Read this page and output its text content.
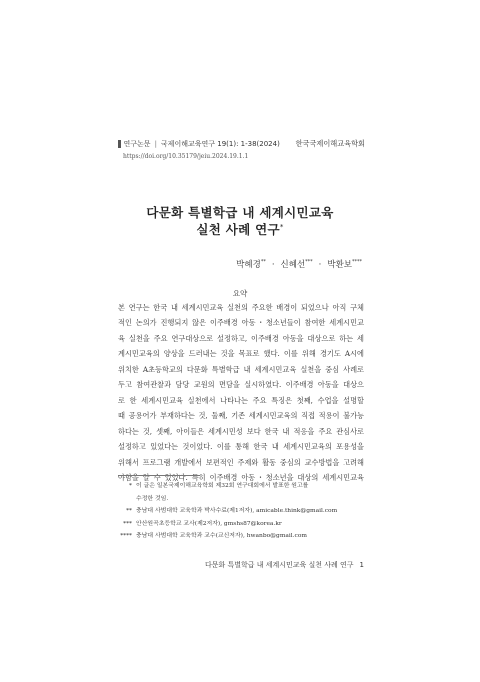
연구논문 | 국제이해교육연구 19(1): 1-38(2024) 한국국제이해교육학회
https://doi.org/10.35179/jeiu.2024.19.1.1
다문화 특별학급 내 세계시민교육
실천 사례 연구*
박혜경** · 신혜선*** · 박환보****
요약
본 연구는 한국 내 세계시민교육 실천의 주요한 배경이 되었으나 아직 구체
적인 논의가 진행되지 않은 이주배경 아동・청소년들이 참여한 세계시민교
육 실천을 주요 연구대상으로 설정하고, 이주배경 아동을 대상으로 하는 세
계시민교육의 양상을 드러내는 것을 목표로 했다. 이를 위해 경기도 A시에
위치한 A초등학교의 다문화 특별학급 내 세계시민교육 실천을 중심 사례로
두고 참여관찰과 담당 교원의 면담을 실시하였다. 이주배경 아동을 대상으
로 한 세계시민교육 실천에서 나타나는 주요 특징은 첫째, 수업을 설명할
때 공용어가 부재하다는 것, 둘째, 기존 세계시민교육의 직접 적용이 불가능
하다는 것, 셋째, 아이들은 세계시민성 보다 한국 내 적응을 주요 관심사로
설정하고 있었다는 것이었다. 이를 통해 한국 내 세계시민교육의 포용성을
위해서 프로그램 개발에서 보편적인 주제와 활동 중심의 교수방법을 고려해
야함을 알 수 있었다. 특히 이주배경 아동・청소년을 대상의 세계시민교육
* 이 글은 일본국제이해교육학회 제32회 연구대회에서 발표한 원고를
수정한 것임.
** 충남대 사범대학 교육학과 박사수료(제1저자), amicable.think@gmail.com
*** 안산원곡초등학교 교사(제2저자), gmshs87@korea.kr
**** 충남대 사범대학 교육학과 교수(교신저자), hwanbo@gmail.com
다문화 특별학급 내 세계시민교육 실천 사례 연구 1
